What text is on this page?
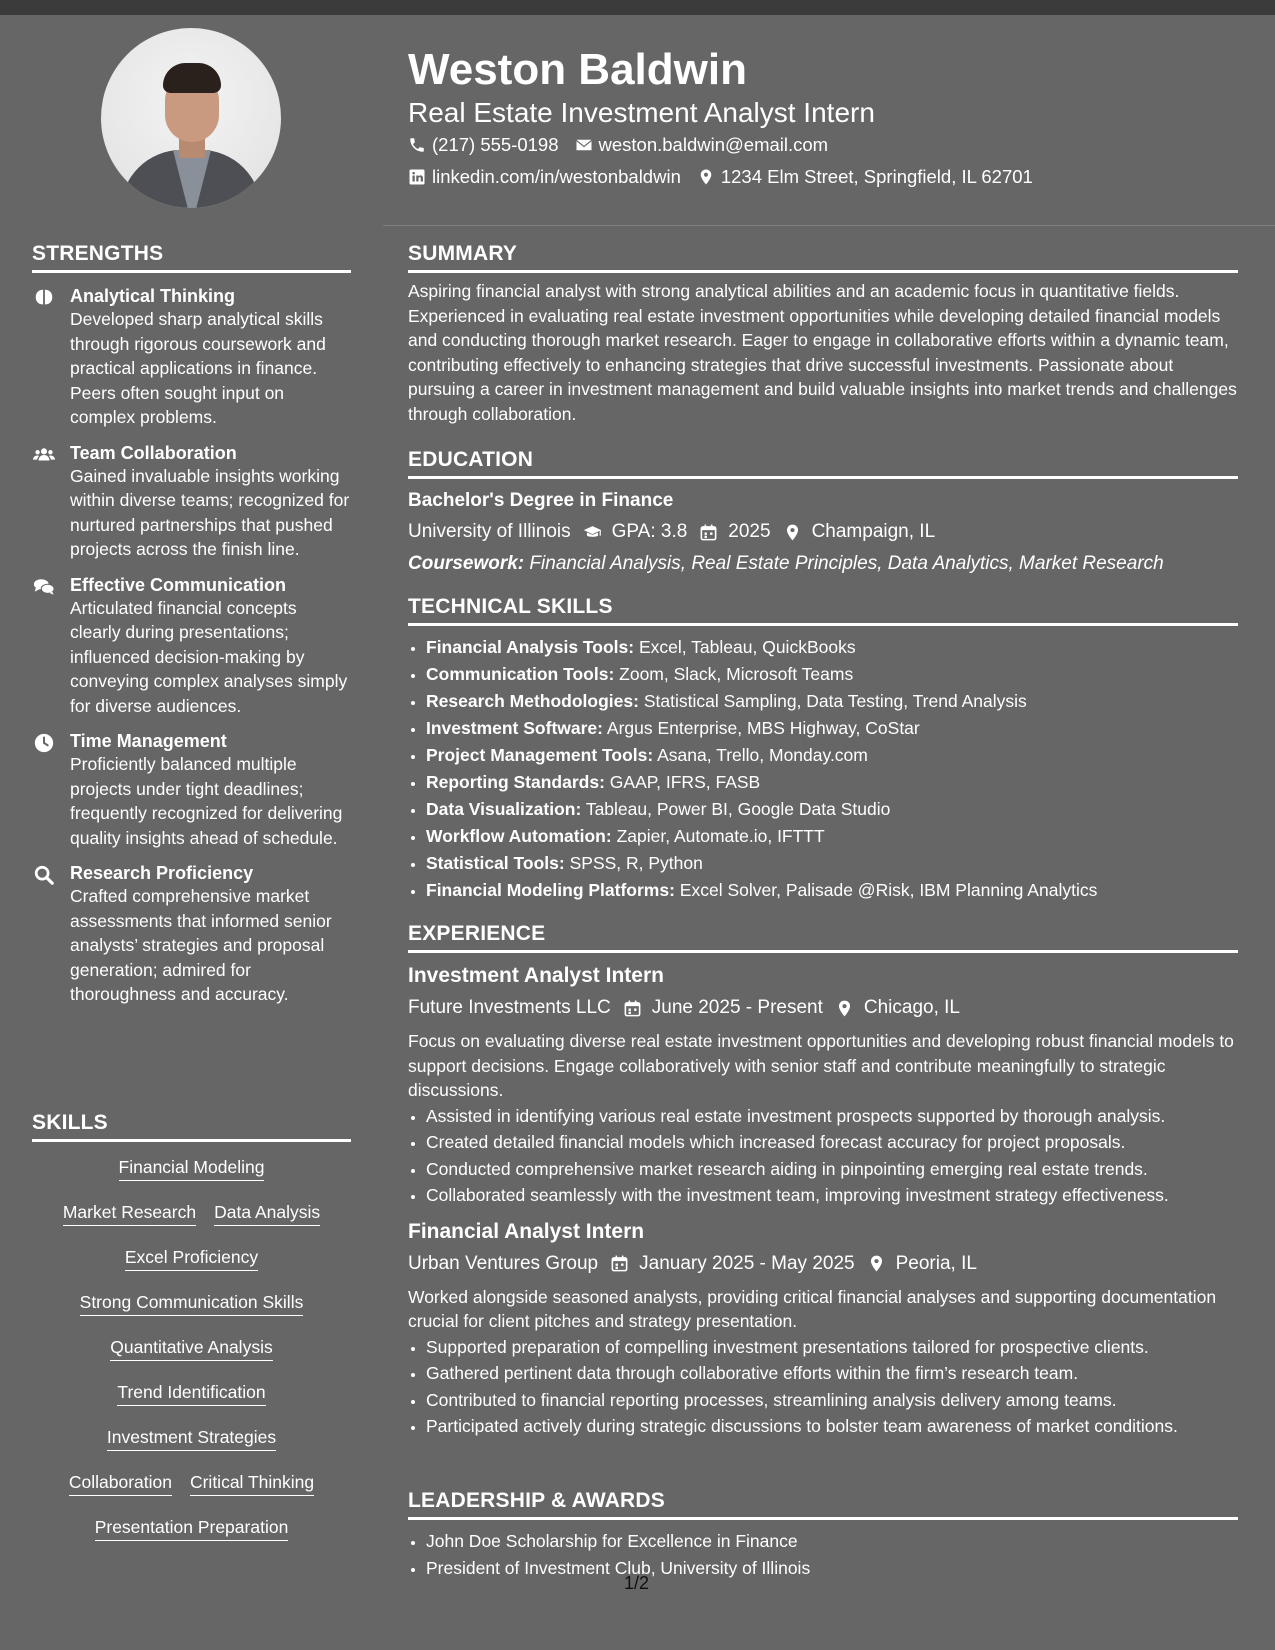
Weston Baldwin
Real Estate Investment Analyst Intern
(217) 555-0198 weston.baldwin@email.com
linkedin.com/in/westonbaldwin 1234 Elm Street, Springfield, IL 62701
STRENGTHS
Analytical Thinking
Developed sharp analytical skills through rigorous coursework and practical applications in finance. Peers often sought input on complex problems.
Team Collaboration
Gained invaluable insights working within diverse teams; recognized for nurtured partnerships that pushed projects across the finish line.
Effective Communication
Articulated financial concepts clearly during presentations; influenced decision-making by conveying complex analyses simply for diverse audiences.
Time Management
Proficiently balanced multiple projects under tight deadlines; frequently recognized for delivering quality insights ahead of schedule.
Research Proficiency
Crafted comprehensive market assessments that informed senior analysts’ strategies and proposal generation; admired for thoroughness and accuracy.
SKILLS
Financial Modeling
Market Research Data Analysis
Excel Proficiency
Strong Communication Skills
Quantitative Analysis
Trend Identification
Investment Strategies
Collaboration Critical Thinking
Presentation Preparation
SUMMARY

Aspiring financial analyst with strong analytical abilities and an academic focus in quantitative fields. Experienced in evaluating real estate investment opportunities while developing detailed financial models and conducting thorough market research. Eager to engage in collaborative efforts within a dynamic team, contributing effectively to enhancing strategies that drive successful investments. Passionate about pursuing a career in investment management and build valuable insights into market trends and challenges through collaboration.

EDUCATION
Bachelor's Degree in Finance
University of Illinois GPA: 3.8 2025 Champaign, IL
Coursework: Financial Analysis, Real Estate Principles, Data Analytics, Market Research
TECHNICAL SKILLS
• Financial Analysis Tools: Excel, Tableau, QuickBooks
• Communication Tools: Zoom, Slack, Microsoft Teams
• Research Methodologies: Statistical Sampling, Data Testing, Trend Analysis
• Investment Software: Argus Enterprise, MBS Highway, CoStar
• Project Management Tools: Asana, Trello, Monday.com
• Reporting Standards: GAAP, IFRS, FASB
• Data Visualization: Tableau, Power BI, Google Data Studio
• Workflow Automation: Zapier, Automate.io, IFTTT
• Statistical Tools: SPSS, R, Python
• Financial Modeling Platforms: Excel Solver, Palisade @Risk, IBM Planning Analytics
EXPERIENCE
Investment Analyst Intern
Future Investments LLC June 2025 - Present Chicago, IL

Focus on evaluating diverse real estate investment opportunities and developing robust financial models to support decisions. Engage collaboratively with senior staff and contribute meaningfully to strategic discussions.

• Assisted in identifying various real estate investment prospects supported by thorough analysis.
• Created detailed financial models which increased forecast accuracy for project proposals.
• Conducted comprehensive market research aiding in pinpointing emerging real estate trends.
• Collaborated seamlessly with the investment team, improving investment strategy effectiveness.
Financial Analyst Intern
Urban Ventures Group January 2025 - May 2025 Peoria, IL

Worked alongside seasoned analysts, providing critical financial analyses and supporting documentation crucial for client pitches and strategy presentation.

• Supported preparation of compelling investment presentations tailored for prospective clients.
• Gathered pertinent data through collaborative efforts within the firm’s research team.
• Contributed to financial reporting processes, streamlining analysis delivery among teams.
• Participated actively during strategic discussions to bolster team awareness of market conditions.
LEADERSHIP & AWARDS
• John Doe Scholarship for Excellence in Finance
• President of Investment Club, University of Illinois
1/2
